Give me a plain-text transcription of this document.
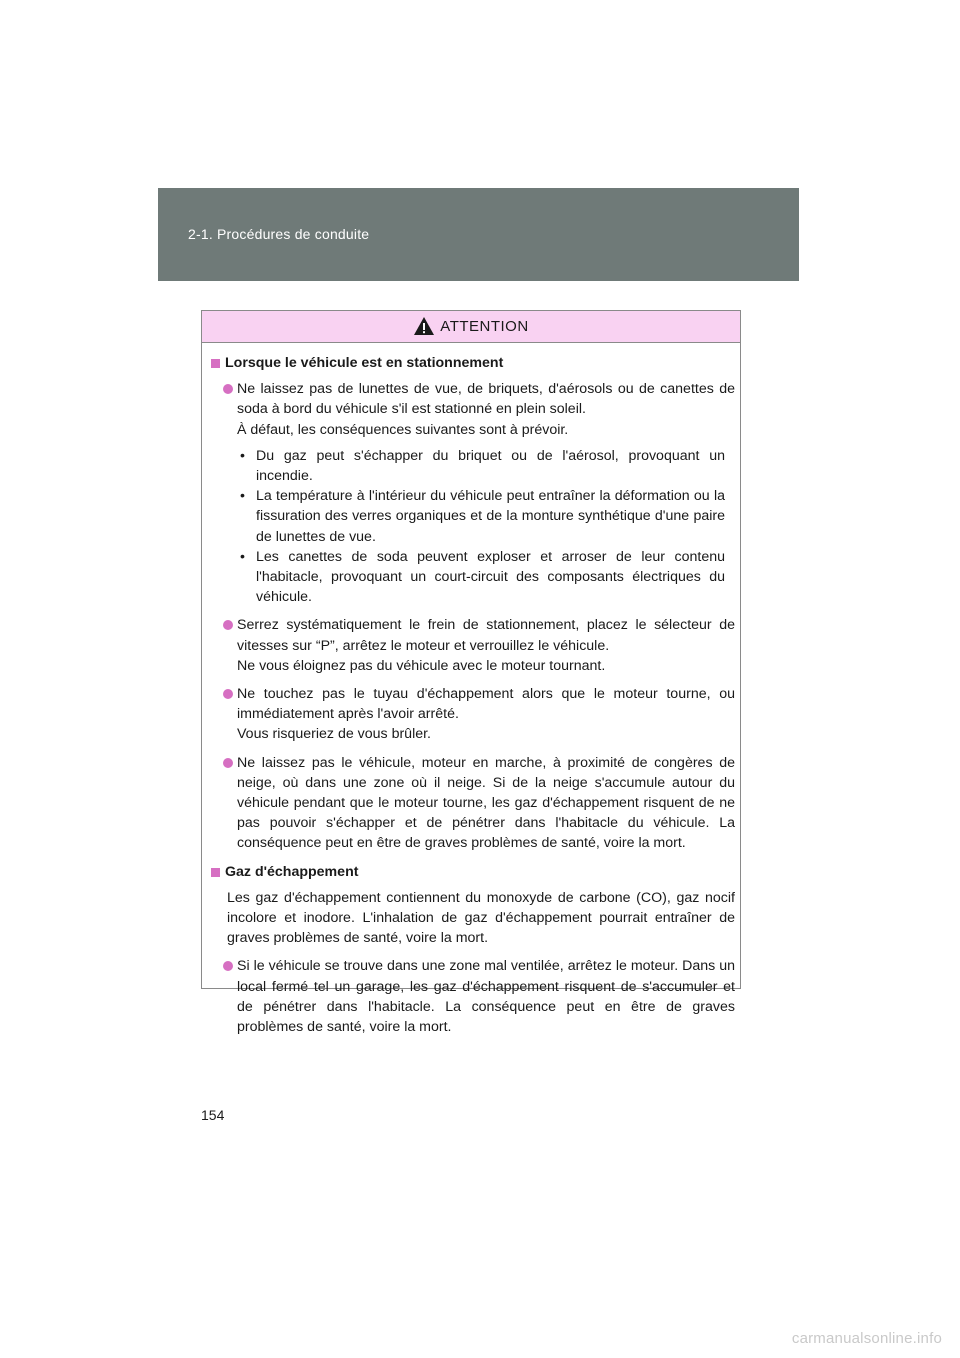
2-1. Procédures de conduite
ATTENTION
Lorsque le véhicule est en stationnement

Ne laissez pas de lunettes de vue, de briquets, d'aérosols ou de canettes de soda à bord du véhicule s'il est stationné en plein soleil.

À défaut, les conséquences suivantes sont à prévoir.

• Du gaz peut s'échapper du briquet ou de l'aérosol, provoquant un incendie.

• La température à l'intérieur du véhicule peut entraîner la déformation ou la fissuration des verres organiques et de la monture synthétique d'une paire de lunettes de vue.

• Les canettes de soda peuvent exploser et arroser de leur contenu l'habitacle, provoquant un court-circuit des composants électriques du véhicule.

Serrez systématiquement le frein de stationnement, placez le sélecteur de vitesses sur “P”, arrêtez le moteur et verrouillez le véhicule.

Ne vous éloignez pas du véhicule avec le moteur tournant.

Ne touchez pas le tuyau d'échappement alors que le moteur tourne, ou immédiatement après l'avoir arrêté.

Vous risqueriez de vous brûler.

Ne laissez pas le véhicule, moteur en marche, à proximité de congères de neige, où dans une zone où il neige. Si de la neige s'accumule autour du véhicule pendant que le moteur tourne, les gaz d'échappement risquent de ne pas pouvoir s'échapper et de pénétrer dans l'habitacle du véhicule. La conséquence peut en être de graves problèmes de santé, voire la mort.

Gaz d'échappement

Les gaz d'échappement contiennent du monoxyde de carbone (CO), gaz nocif incolore et inodore. L'inhalation de gaz d'échappement pourrait entraîner de graves problèmes de santé, voire la mort.

Si le véhicule se trouve dans une zone mal ventilée, arrêtez le moteur. Dans un local fermé tel un garage, les gaz d'échappement risquent de s'accumuler et de pénétrer dans l'habitacle. La conséquence peut en être de graves problèmes de santé, voire la mort.

154
carmanualsonline.info
